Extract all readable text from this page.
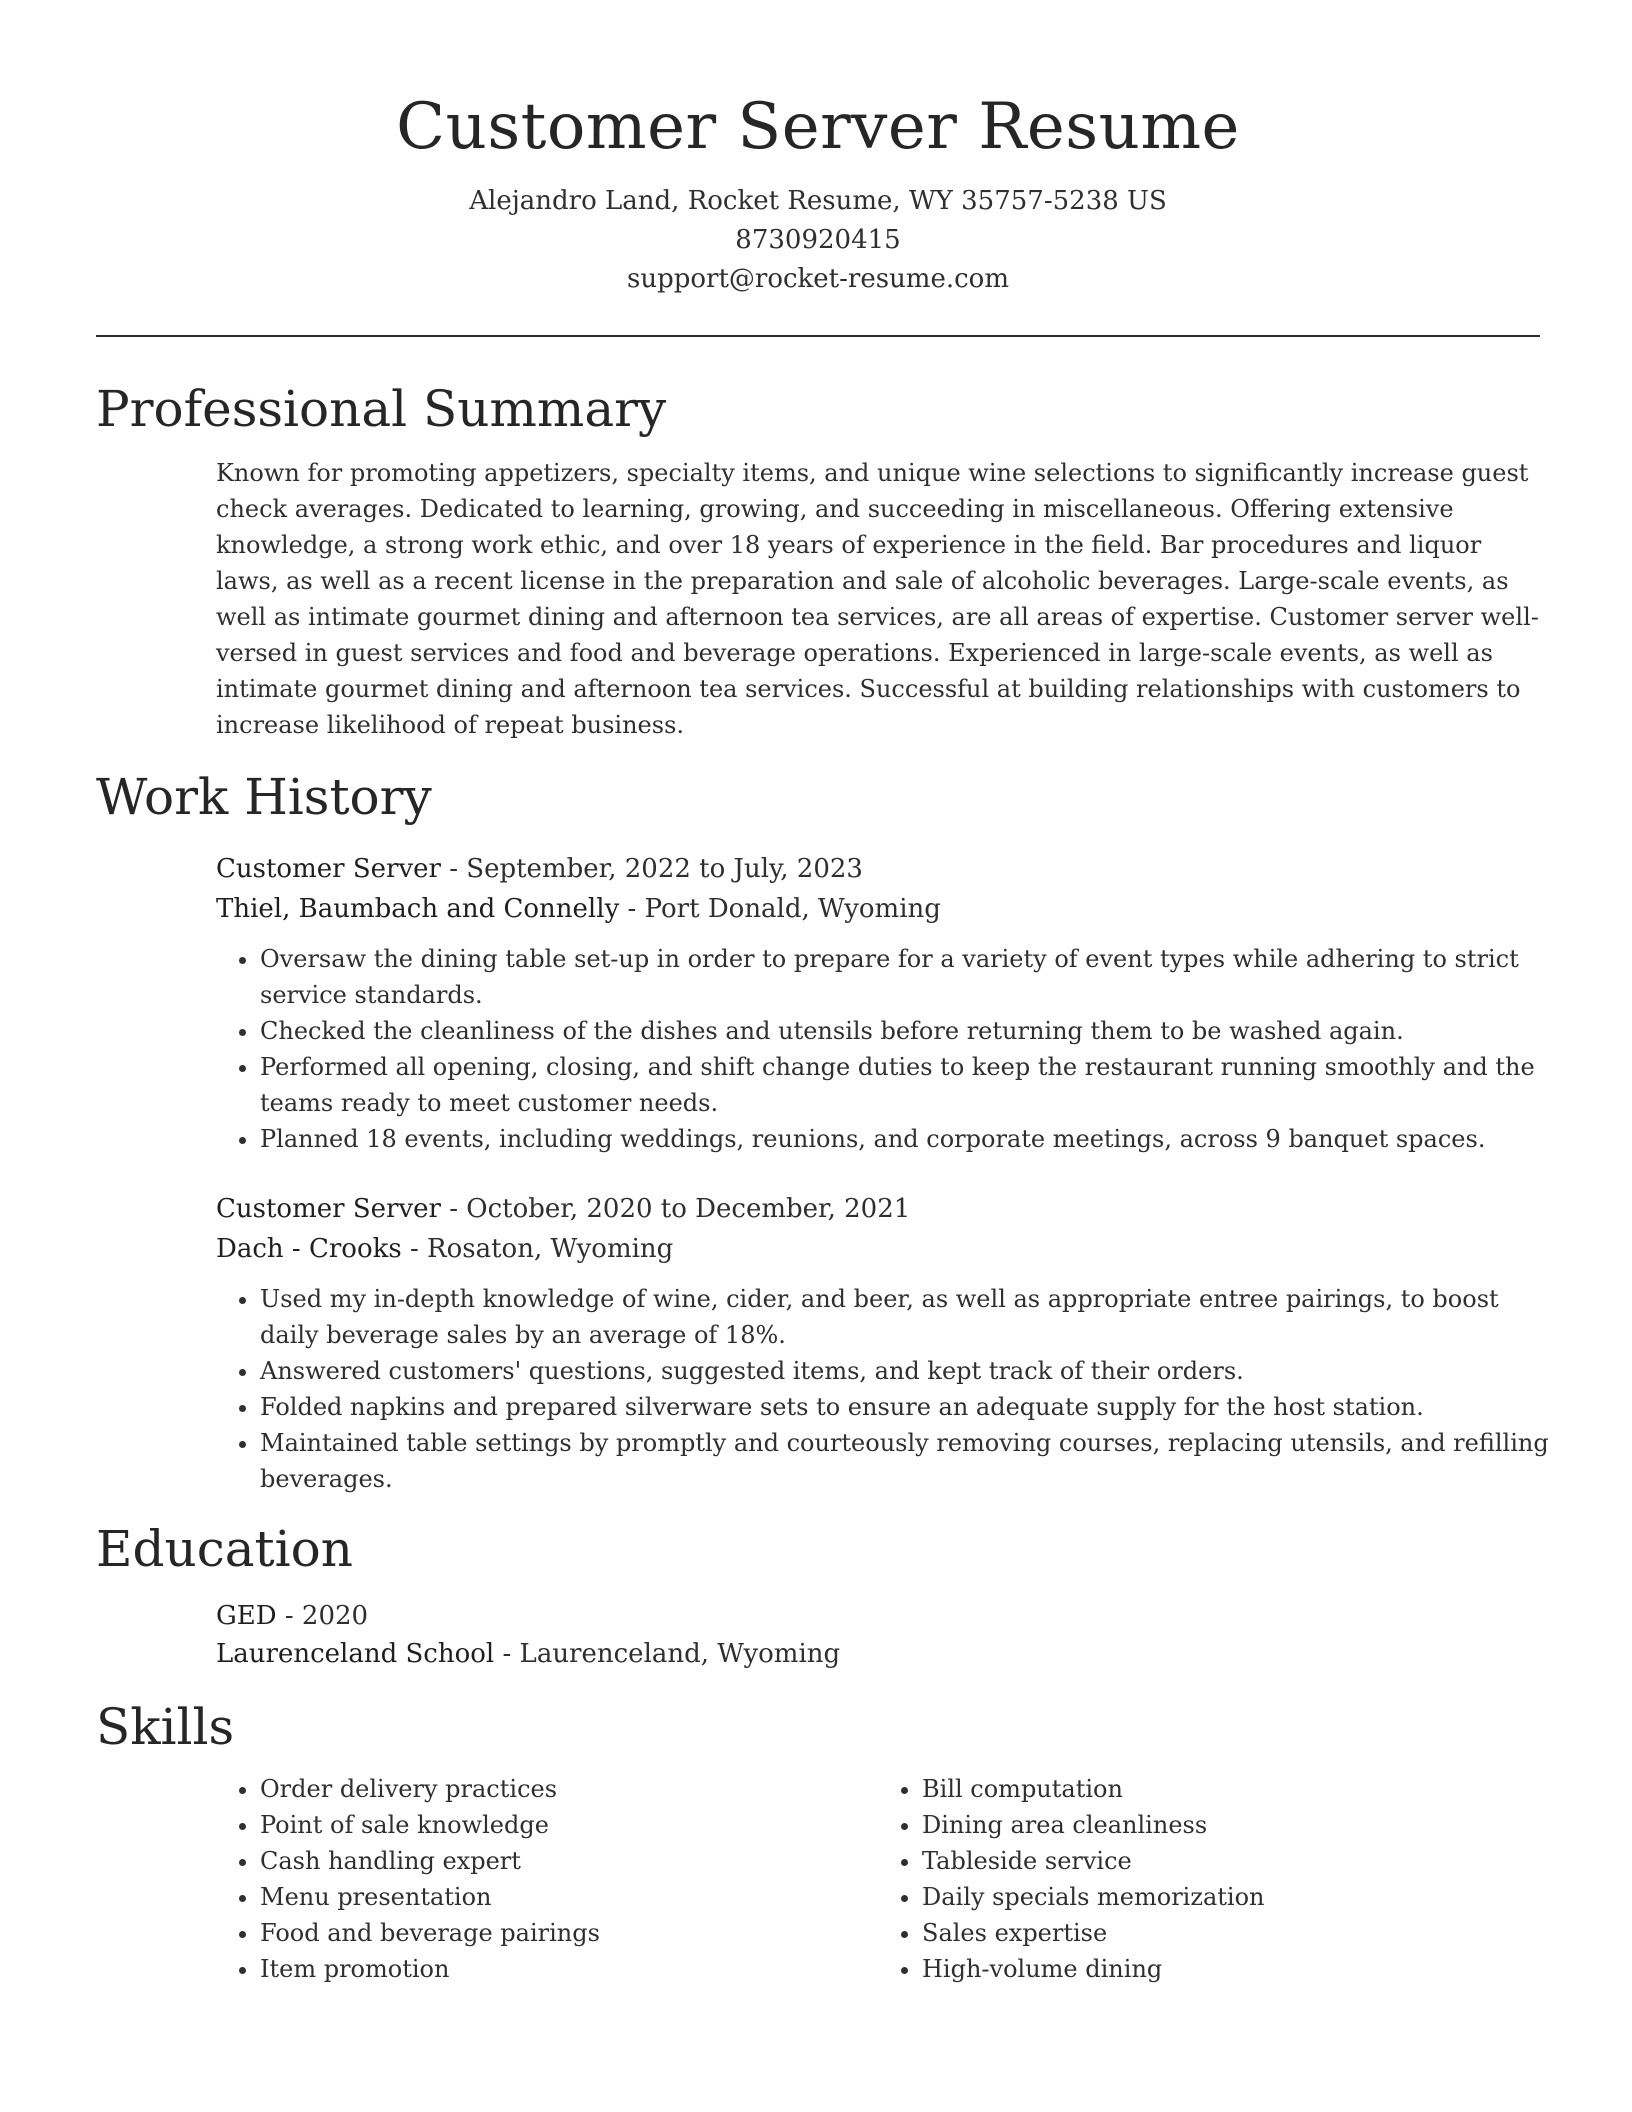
Customer Server Resume
Alejandro Land, Rocket Resume, WY 35757-5238 US
8730920415
support@rocket-resume.com
Professional Summary
Known for promoting appetizers, specialty items, and unique wine selections to significantly increase guest check averages. Dedicated to learning, growing, and succeeding in miscellaneous. Offering extensive knowledge, a strong work ethic, and over 18 years of experience in the field. Bar procedures and liquor laws, as well as a recent license in the preparation and sale of alcoholic beverages. Large-scale events, as well as intimate gourmet dining and afternoon tea services, are all areas of expertise. Customer server well-versed in guest services and food and beverage operations. Experienced in large-scale events, as well as intimate gourmet dining and afternoon tea services. Successful at building relationships with customers to increase likelihood of repeat business.
Work History
Customer Server - September, 2022 to July, 2023
Thiel, Baumbach and Connelly - Port Donald, Wyoming
• Oversaw the dining table set-up in order to prepare for a variety of event types while adhering to strict service standards.
• Checked the cleanliness of the dishes and utensils before returning them to be washed again.
• Performed all opening, closing, and shift change duties to keep the restaurant running smoothly and the teams ready to meet customer needs.
• Planned 18 events, including weddings, reunions, and corporate meetings, across 9 banquet spaces.
Customer Server - October, 2020 to December, 2021
Dach - Crooks - Rosaton, Wyoming
• Used my in-depth knowledge of wine, cider, and beer, as well as appropriate entree pairings, to boost daily beverage sales by an average of 18%.
• Answered customers' questions, suggested items, and kept track of their orders.
• Folded napkins and prepared silverware sets to ensure an adequate supply for the host station.
• Maintained table settings by promptly and courteously removing courses, replacing utensils, and refilling beverages.
Education
GED - 2020
Laurenceland School - Laurenceland, Wyoming
Skills
• Order delivery practices
• Point of sale knowledge
• Cash handling expert
• Menu presentation
• Food and beverage pairings
• Item promotion
• Bill computation
• Dining area cleanliness
• Tableside service
• Daily specials memorization
• Sales expertise
• High-volume dining
